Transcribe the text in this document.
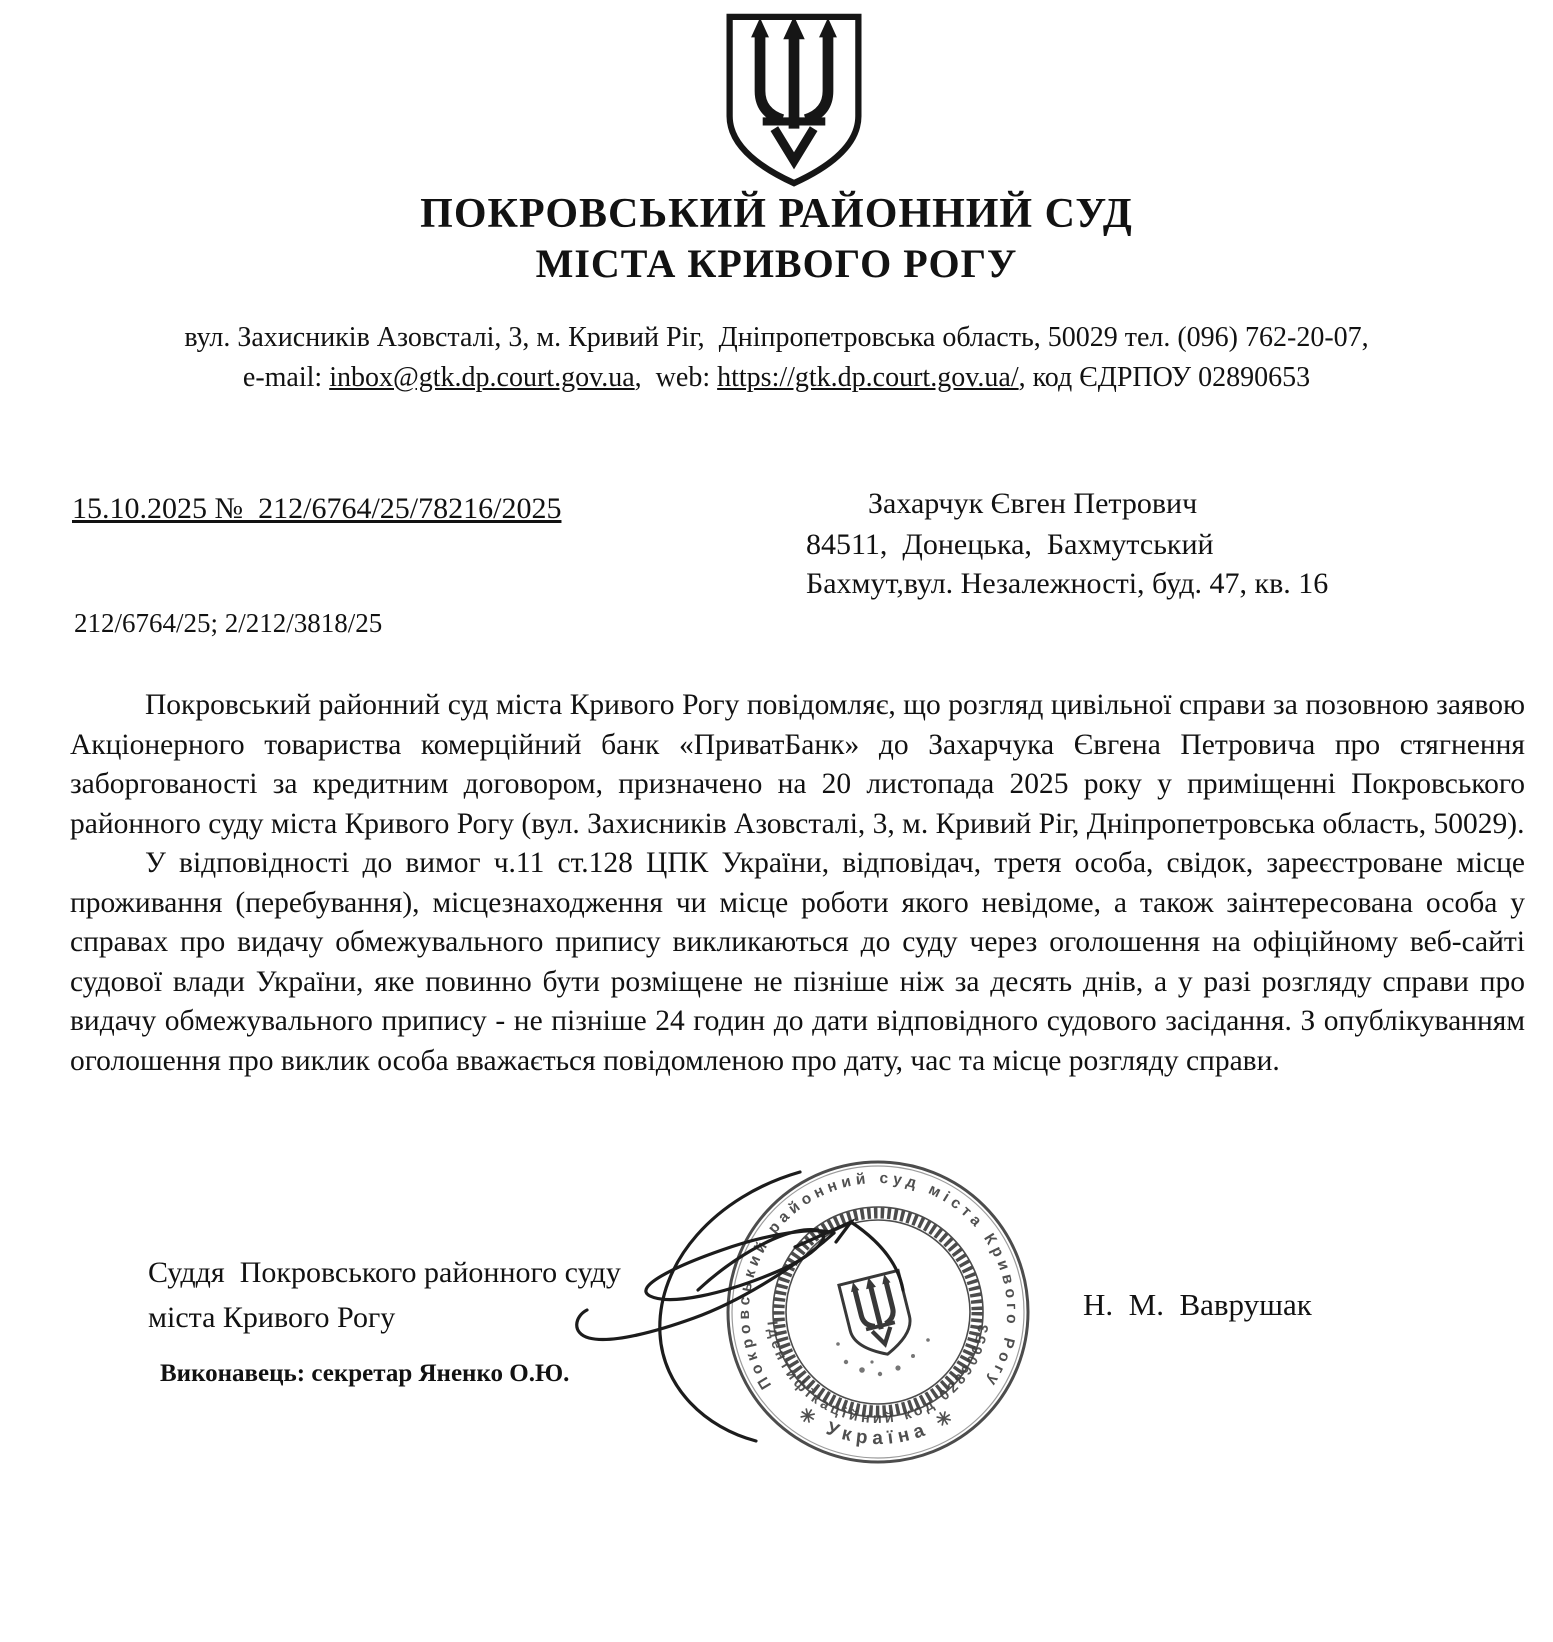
ПОКРОВСЬКИЙ РАЙОННИЙ СУД
МІСТА КРИВОГО РОГУ
вул. Захисників Азовсталі, 3, м. Кривий Ріг,  Дніпропетровська область, 50029 тел. (096) 762-20-07,
e-mail: inbox@gtk.dp.court.gov.ua, web: https://gtk.dp.court.gov.ua/, код ЄДРПОУ 02890653
15.10.2025 №  212/6764/25/78216/2025	Захарчук Євген Петрович
84511,  Донецька,  Бахмутський
Бахмут,вул. Незалежності, буд. 47, кв. 16
212/6764/25; 2/212/3818/25

Покровський районний суд міста Кривого Рогу повідомляє, що розгляд цивільної справи за позовною заявою Акціонерного товариства комерційний банк «ПриватБанк» до Захарчука Євгена Петровича про стягнення заборгованості за кредитним договором, призначено на 20 листопада 2025 року у приміщенні Покровського районного суду міста Кривого Рогу (вул. Захисників Азовсталі, 3, м. Кривий Ріг, Дніпропетровська область, 50029).

У відповідності до вимог ч.11 ст.128 ЦПК України, відповідач, третя особа, свідок, зареєстроване місце проживання (перебування), місцезнаходження чи місце роботи якого невідоме, а також заінтересована особа у справах про видачу обмежувального припису викликаються до суду через оголошення на офіційному веб-сайті судової влади України, яке повинно бути розміщене не пізніше ніж за десять днів, а у разі розгляду справи про видачу обмежувального припису - не пізніше 24 годин до дати відповідного судового засідання. З опублікуванням оголошення про виклик особа вважається повідомленою про дату, час та місце розгляду справи.

Суддя  Покровського районного суду
міста Кривого Рогу	Н.  М.  Ваврушак
Виконавець: секретар Яненко О.Ю.	Покровський районний суд міста Кривого Рогу
Ідентифікаційний код 02890653
✳ Україна ✳
